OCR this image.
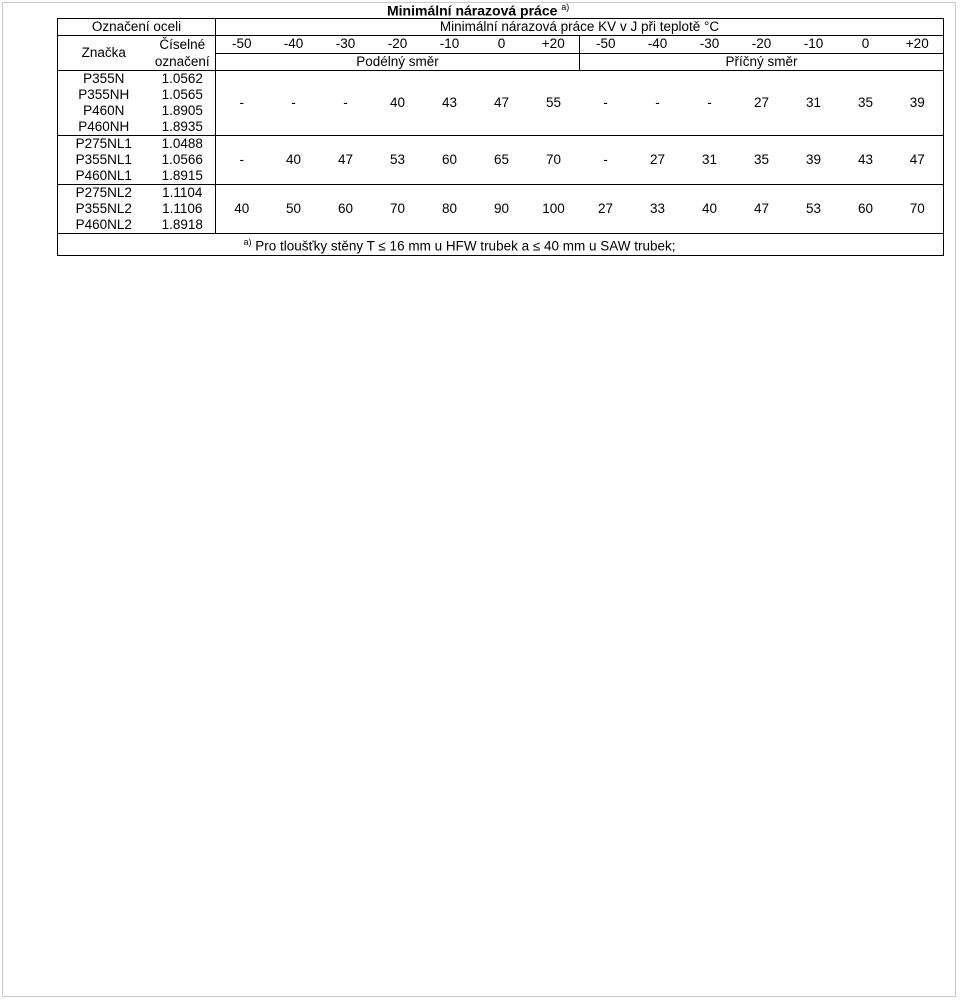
Minimální nárazová práce $^{a)}$
Označení oceli		Minimální nárazová práce KV v J při teplotě °C													
Značka	Číselné
označení	-50	-40	-30	-20	-10	0	+20	-50	-40	-30	-20	-10	0	+20
		Podélný směr							Příčný směr						
P355N	1.0562	-	-	-	40	43	47	55	-	-	-	27	31	35	39
P355NH	1.0565														
P460N	1.8905														
P460NH	1.8935														
P275NL1	1.0488	-	40	47	53	60	65	70	-	27	31	35	39	43	47
P355NL1	1.0566														
P460NL1	1.8915														
P275NL2	1.1104	40	50	60	70	80	90	100	27	33	40	47	53	60	70
P355NL2	1.1106														
P460NL2	1.8918														
		$^{a)}$ Pro tloušťky stěny T ≤ 16 mm u HFW trubek a ≤ 40 mm u SAW trubek;													
